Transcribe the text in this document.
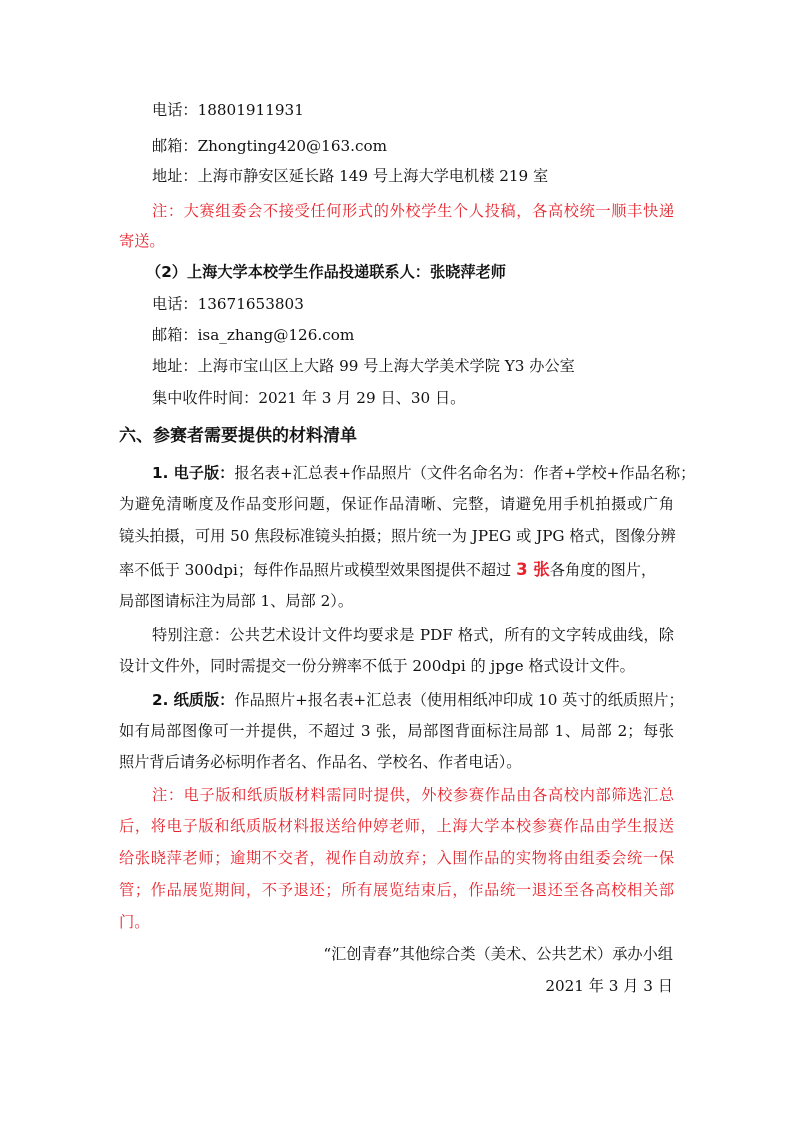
电话：18801911931
邮箱：Zhongting420@163.com
地址：上海市静安区延长路 149 号上海大学电机楼 219 室
注：大赛组委会不接受任何形式的外校学生个人投稿，各高校统一顺丰快递
寄送。
（2）上海大学本校学生作品投递联系人：张晓萍老师
电话：13671653803
邮箱：isa_zhang@126.com
地址：上海市宝山区上大路 99 号上海大学美术学院 Y3 办公室
集中收件时间：2021 年 3 月 29 日、30 日。
六、参赛者需要提供的材料清单
1. 电子版：报名表+汇总表+作品照片（文件名命名为：作者+学校+作品名称；
为避免清晰度及作品变形问题，保证作品清晰、完整，请避免用手机拍摄或广角
镜头拍摄，可用 50 焦段标准镜头拍摄；照片统一为 JPEG 或 JPG 格式，图像分辨
率不低于 300dpi；每件作品照片或模型效果图提供不超过 3 张各角度的图片，
局部图请标注为局部 1、局部 2）。
特别注意：公共艺术设计文件均要求是 PDF 格式，所有的文字转成曲线，除
设计文件外，同时需提交一份分辨率不低于 200dpi 的 jpge 格式设计文件。
2. 纸质版：作品照片+报名表+汇总表（使用相纸冲印成 10 英寸的纸质照片；
如有局部图像可一并提供，不超过 3 张，局部图背面标注局部 1、局部 2；每张
照片背后请务必标明作者名、作品名、学校名、作者电话）。
注：电子版和纸质版材料需同时提供，外校参赛作品由各高校内部筛选汇总
后，将电子版和纸质版材料报送给仲婷老师，上海大学本校参赛作品由学生报送
给张晓萍老师；逾期不交者，视作自动放弃；入围作品的实物将由组委会统一保
管；作品展览期间，不予退还；所有展览结束后，作品统一退还至各高校相关部
门。
“汇创青春”其他综合类（美术、公共艺术）承办小组
2021 年 3 月 3 日
